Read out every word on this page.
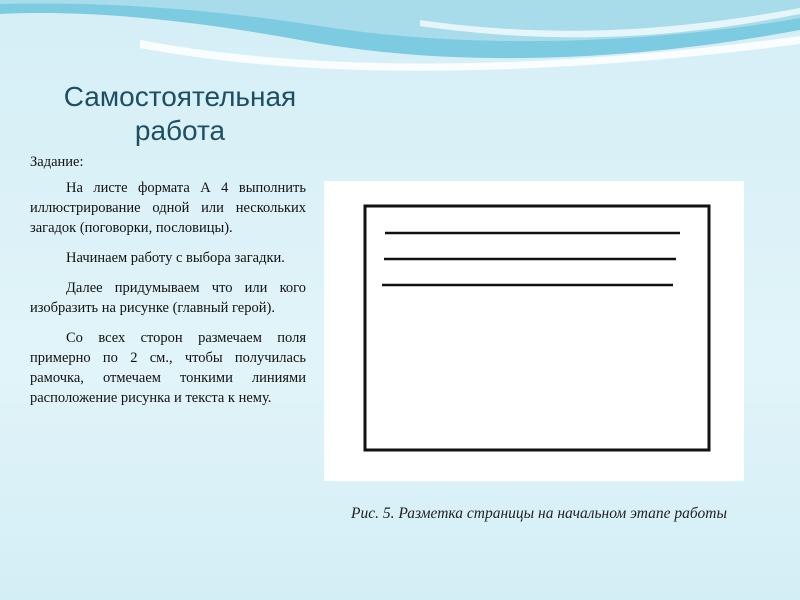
Самостоятельная работа

Задание:

На листе формата А 4 выполнить иллюстрирование одной или нескольких загадок (поговорки, пословицы).

Начинаем работу с выбора загадки.

Далее придумываем что или кого изобразить на рисунке (главный герой).

Со всех сторон размечаем поля примерно по 2 см., чтобы получилась рамочка, отмечаем тонкими линиями расположение рисунка и текста к нему.

Рис. 5. Разметка страницы на начальном этапе работы
